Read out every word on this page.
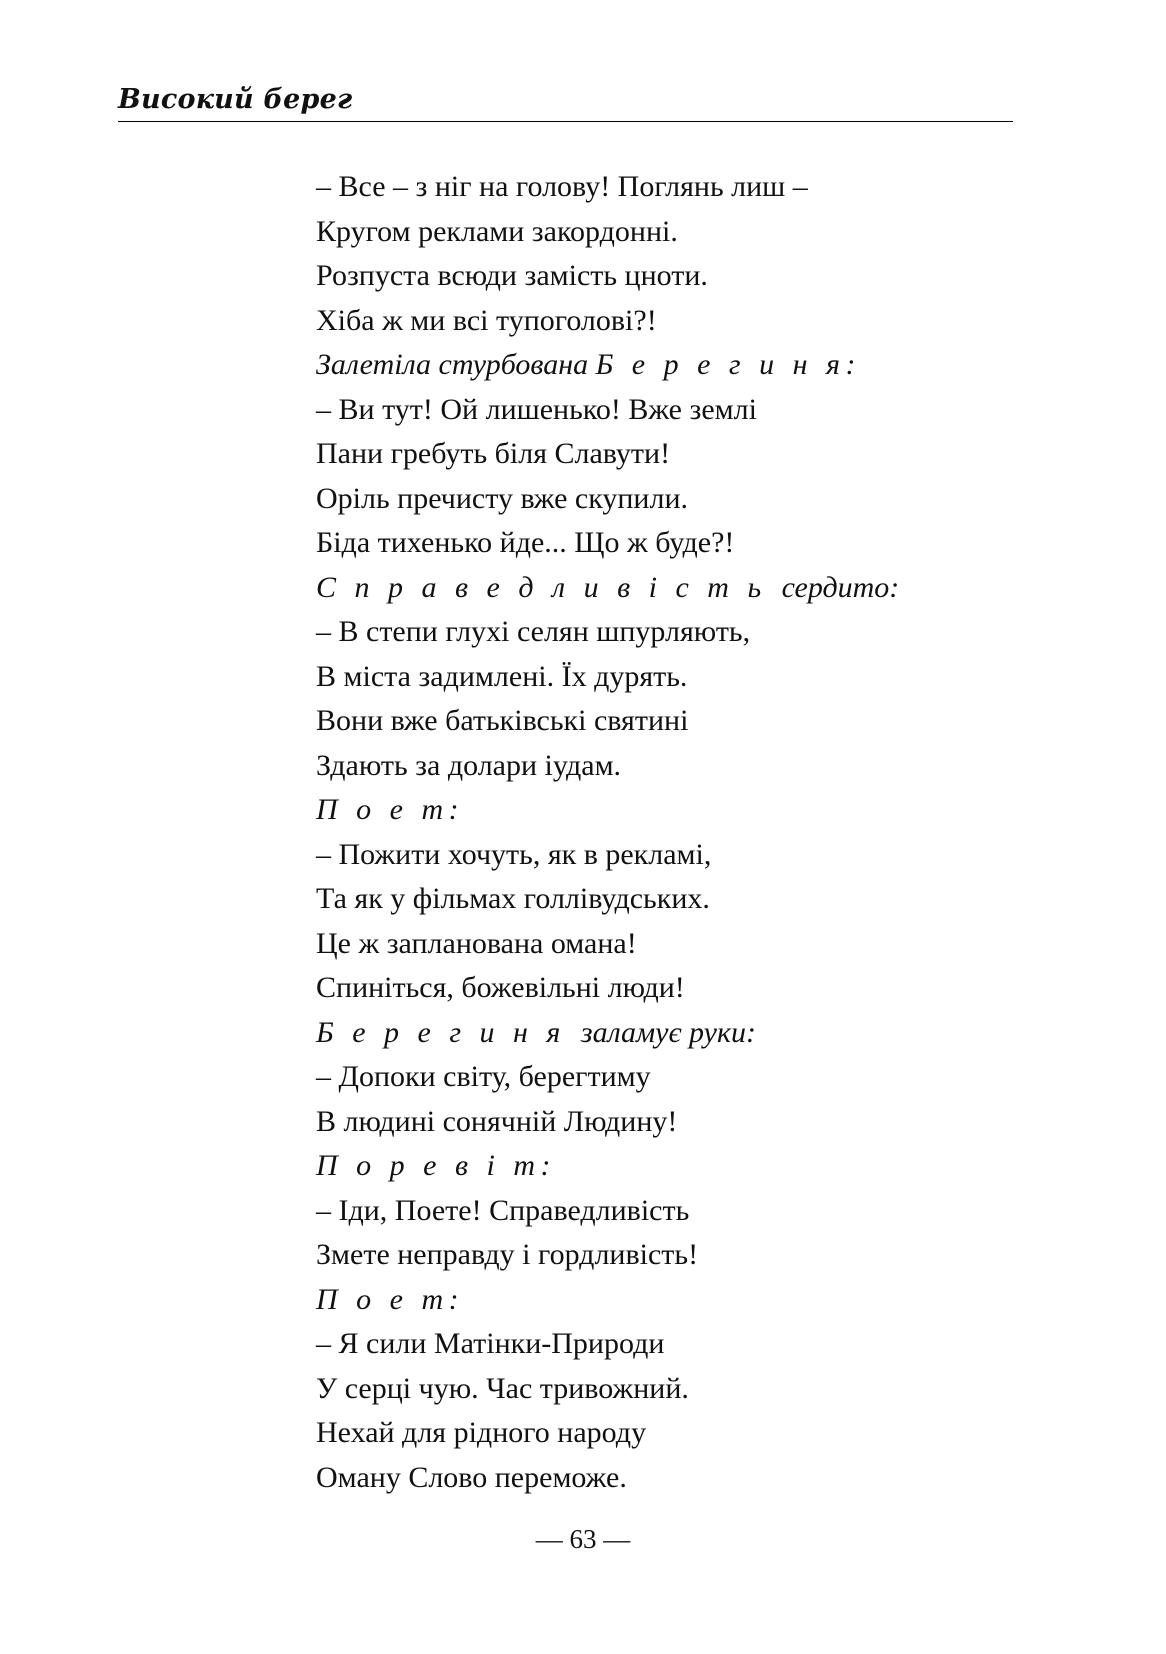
Високий берег
– Все – з ніг на голову! Поглянь лиш –
Кругом реклами закордонні.
Розпуста всюди замість цноти.
Хіба ж ми всі тупоголові?!
Залетіла стурбована Б е р е г и н я:
– Ви тут! Ой лишенько! Вже землі
Пани гребуть біля Славути!
Оріль пречисту вже скупили.
Біда тихенько йде... Що ж буде?!
С п р а в е д л и в і с т ь  сердито:
– В степи глухі селян шпурляють,
В міста задимлені. Їх дурять.
Вони вже батьківські святині
Здають за долари іудам.
П о е т:
– Пожити хочуть, як в рекламі,
Та як у фільмах голлівудських.
Це ж запланована омана!
Спиніться, божевільні люди!
Б е р е г и н я  заламує руки:
– Допоки світу, берегтиму
В людині сонячній Людину!
П о р е в і т:
– Іди, Поете! Справедливість
Змете неправду і гордливість!
П о е т:
– Я сили Матінки-Природи
У серці чую. Час тривожний.
Нехай для рідного народу
Оману Слово переможе.
— 63 —
